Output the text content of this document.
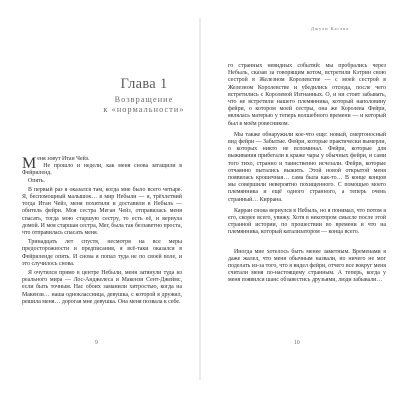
Глава 1
Возвращение
к «нормальности»

Меня зовут Итан Чейз.

Не прошло и недели, как меня снова затащили в Фейриленд.

Опять.

В первый раз я оказался там, когда мне было всего четыре. Я, беспомощный малышок… в мир Небыли — я, трёхлетний тогда Итан Чейз, меня похитили и доставили в Небыль — обитель фейри. Моя сестра Меган Чейз, отправилась меня спасать, тогда мою старшую сестру, то есть её, и вернула домой. И моя старшая сестра, Мег, была так беззаветно проста, что отправилась спасать меня.

Тринадцать лет спустя, несмотря на все меры предосторожности и предписания, я всё-таки оказался в Фейриленде опять. И снова я попал туда не по своей воле, и это случилось снова.

Я очутился прямо в центре Небыли, меня затянули туда из реального мира — Лос-Анджелеса и Макензи Сент-Джеймс, если быть точным. Нас обоих заманили хитростью, когда на Макензи… наша одноклассница, девушка, с которой я дружил, решила меня… дорогая мне девушка. Она меня позвала к себе.

9
Джули Кагава

го странных невидных событий: мы пробрались через Небыль, сказав за говорящим котом, встретили Кэтрин свою сестрой в Железном Королевстве — с моей сестрой в Железном Королевстве и убедились отсюда, после чего встретились с Королевой Изгнанных. О, и ни стоит забывать, что не встретили нашего племянника, который наполовину фейри, о котором моей сестры, она же Королева Фейри, являлась матерью у теперь волшебного времени — и который был в моём ровесником.

Мы также обнаружили кое-что еще: новый, смертоносный вид фейри — Забытые. Фейри, которые практически вымерли, о которых никто не вспоминал. Фейри, которые для выживания прибегали к краже чары у обычных фейри, и сами того тихо, странно и таинственно исчезали. Фейри, которые отчаянно пытались выжить. Этой новой открытой меня появилась крошечная… сама была как-то… В конце концов мы совершили невероятно похищенного. С помощью моего племянника и ещё одного странного, а теперь очень странный… Киррана.

Карран снова вернулся в Небыль, но я понимал, что потом я его, скорее всего, увижу. Хотя в некотором смысле после этой странной истории, по прошествии во времени и что на племянника, который катализатором — конца всего.

Иногда мне хотелось быть менее заметным. Временами я даже жалел, что меня обычным назвали, но ничего не мог поделать из-за того, что я видел фейри, отчего все вокруг меня считали меня по-настоящему странным. А теперь, когда у меня появился шанс обзавестись друзьями, люди забывали…

10
